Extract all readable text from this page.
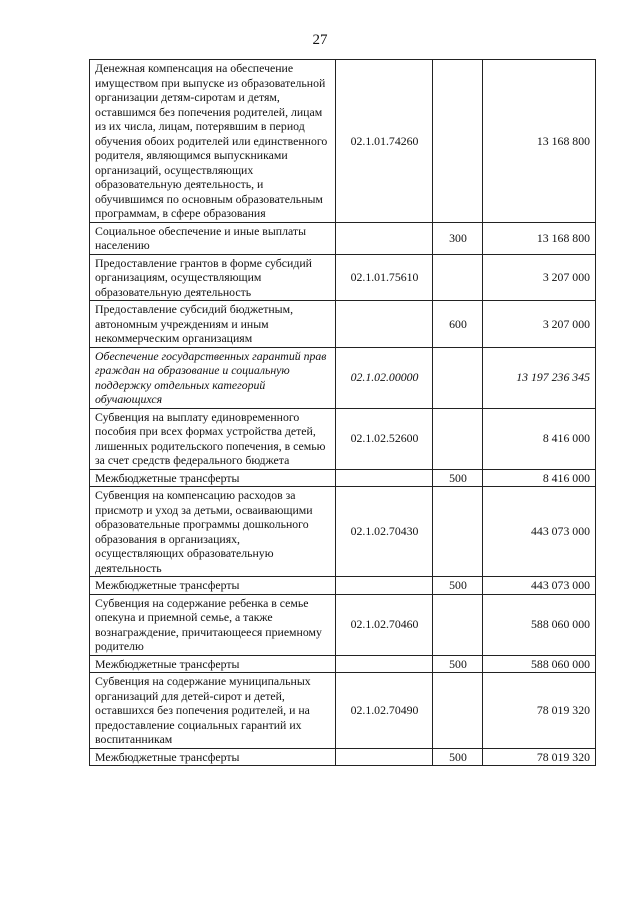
27
Денежная компенсация на обеспечение имуществом при выпуске из образовательной организации детям-сиротам и детям, оставшимся без попечения родителей, лицам из их числа, лицам, потерявшим в период обучения обоих родителей или единственного родителя, являющимся выпускниками организаций, осуществляющих образовательную деятельность, и обучившимся по основным образовательным программам, в сфере образования	02.1.01.74260		13 168 800
Социальное обеспечение и иные выплаты населению		300	13 168 800
Предоставление грантов в форме субсидий организациям, осуществляющим образовательную деятельность	02.1.01.75610		3 207 000
Предоставление субсидий бюджетным, автономным учреждениям и иным некоммерческим организациям		600	3 207 000
Обеспечение государственных гарантий прав граждан на образование и социальную поддержку отдельных категорий обучающихся	02.1.02.00000		13 197 236 345
Субвенция на выплату единовременного пособия при всех формах устройства детей, лишенных родительского попечения, в семью за счет средств федерального бюджета	02.1.02.52600		8 416 000
Межбюджетные трансферты		500	8 416 000
Субвенция на компенсацию расходов за присмотр и уход за детьми, осваивающими образовательные программы дошкольного образования в организациях, осуществляющих образовательную деятельность	02.1.02.70430		443 073 000
Межбюджетные трансферты		500	443 073 000
Субвенция на содержание ребенка в семье опекуна и приемной семье, а также вознаграждение, причитающееся приемному родителю	02.1.02.70460		588 060 000
Межбюджетные трансферты		500	588 060 000
Субвенция на содержание муниципальных организаций для детей-сирот и детей, оставшихся без попечения родителей, и на предоставление социальных гарантий их воспитанникам	02.1.02.70490		78 019 320
Межбюджетные трансферты		500	78 019 320
